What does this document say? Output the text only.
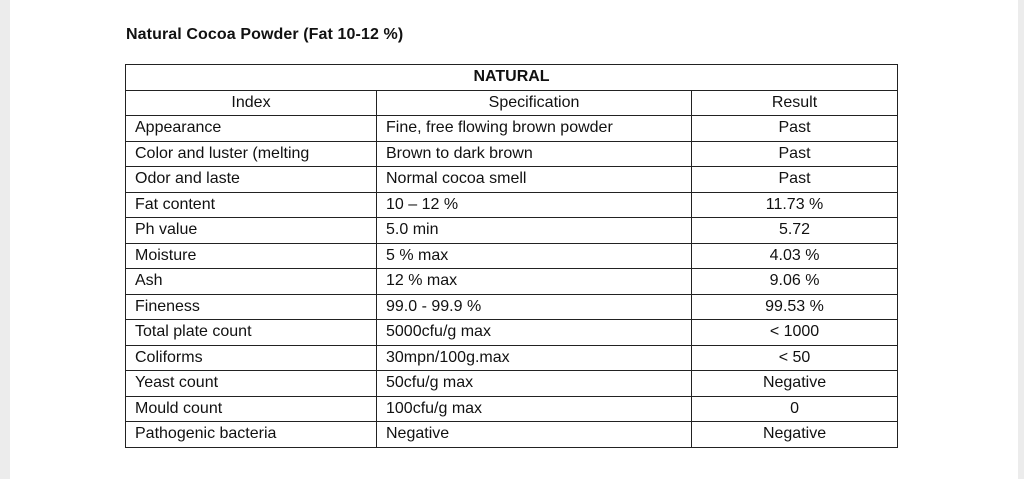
Natural Cocoa Powder (Fat 10-12 %)
NATURAL		
Index	Specification	Result
Appearance	Fine, free flowing brown powder	Past
Color and luster (melting	Brown to dark brown	Past
Odor and laste	Normal cocoa smell	Past
Fat content	10 – 12 %	11.73 %
Ph value	5.0 min	5.72
Moisture	5 % max	4.03 %
Ash	12 % max	9.06 %
Fineness	99.0 - 99.9 %	99.53 %
Total plate count	5000cfu/g max	< 1000
Coliforms	30mpn/100g.max	< 50
Yeast count	50cfu/g max	Negative
Mould count	100cfu/g max	0
Pathogenic bacteria	Negative	Negative
